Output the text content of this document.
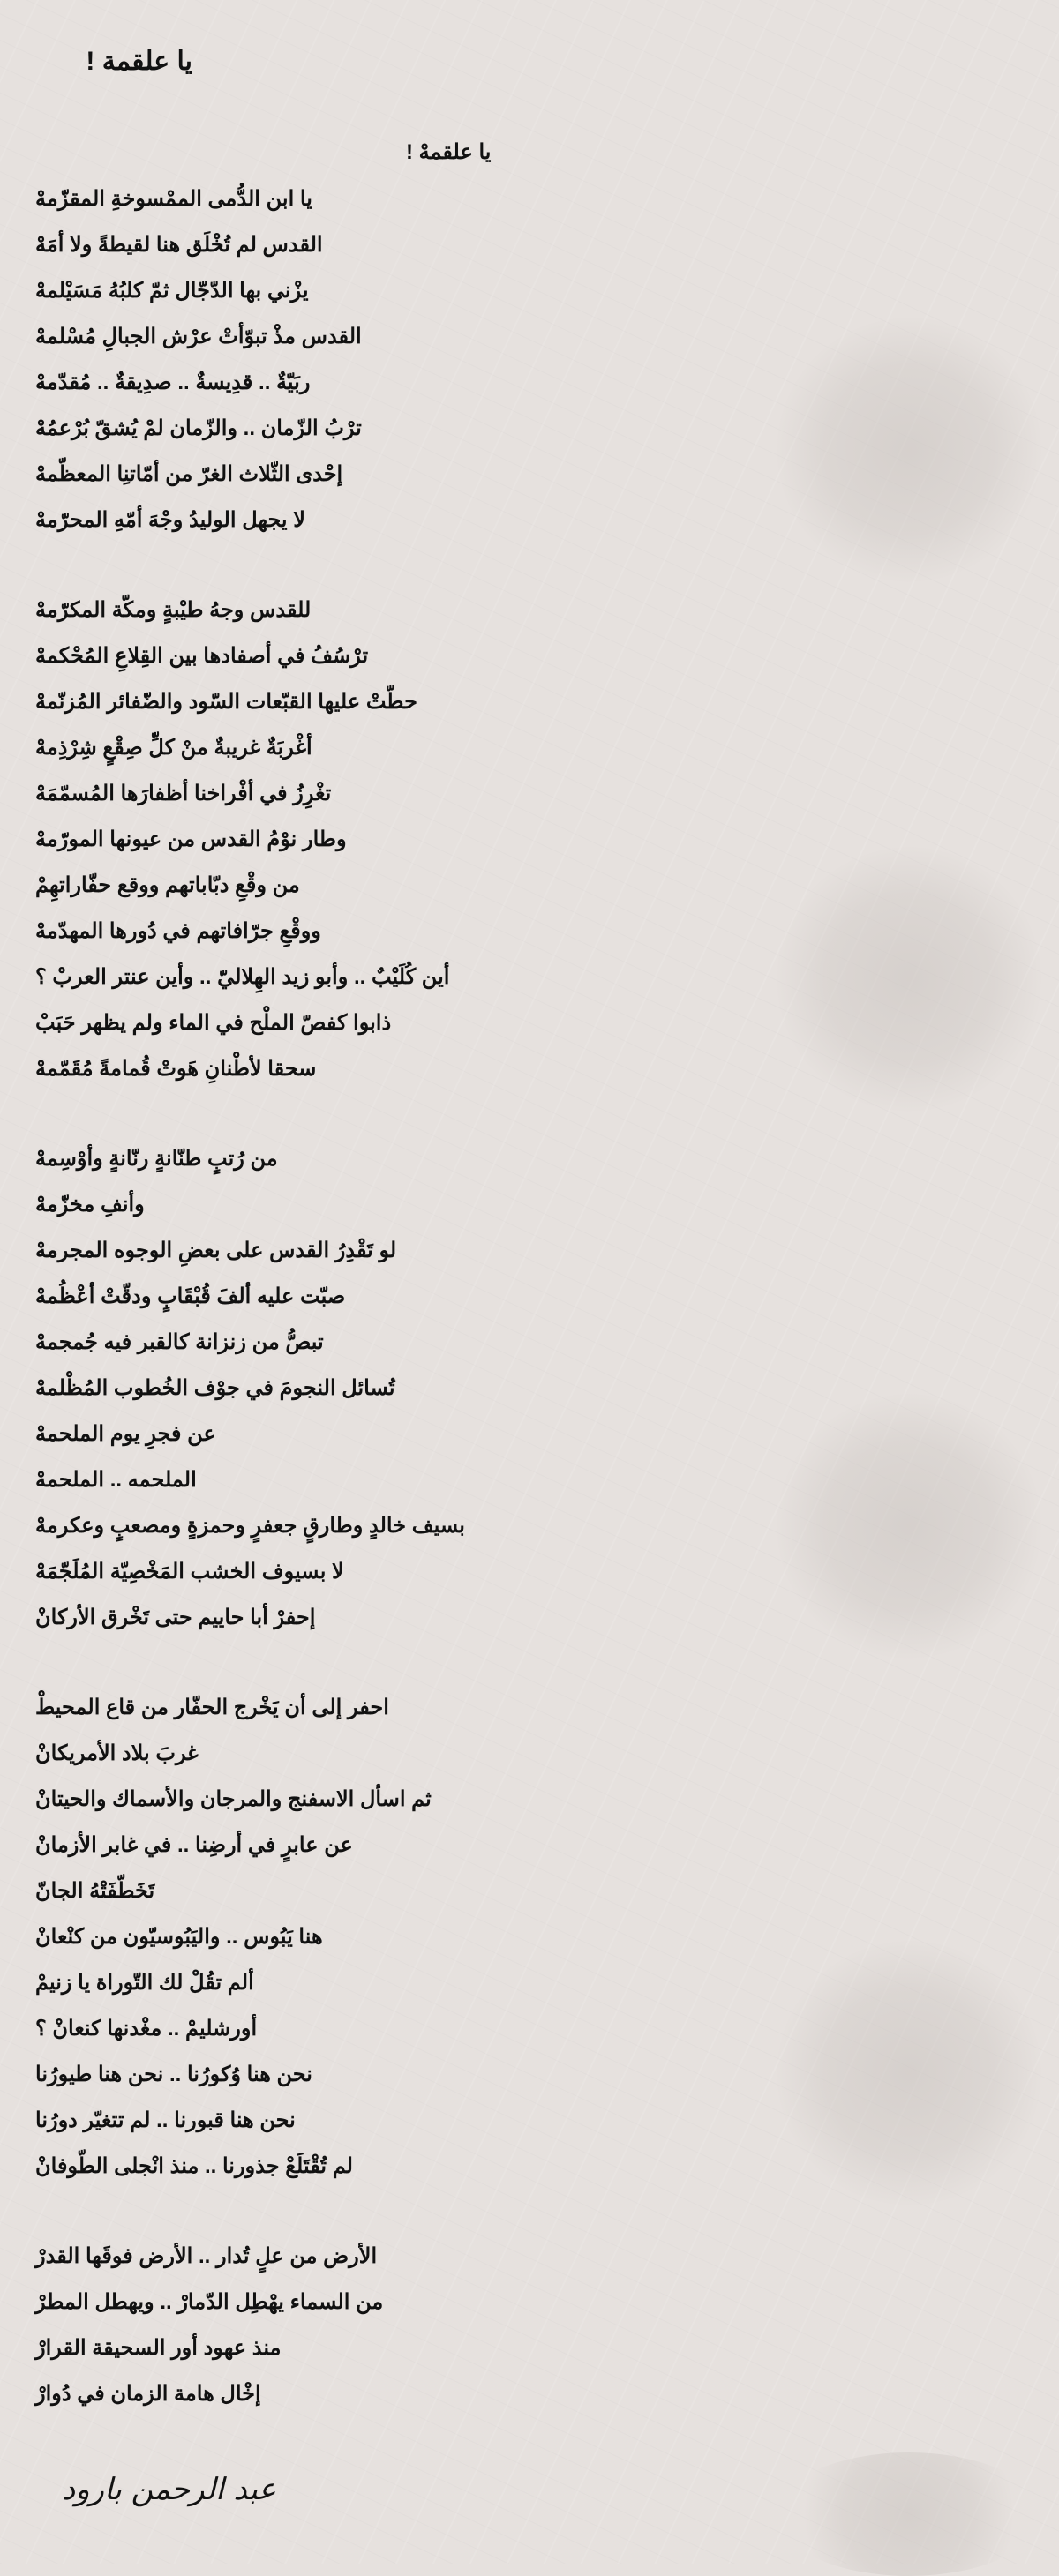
يا علقمة !
يا علقمهْ !
يا ابن الدُّمى الممْسوخةِ المقزّمهْ
القدس لم تُخْلَق هنا لقيطةً ولا أمَهْ
يزْني بها الدّجّال ثمّ كلبُهُ مَسَيْلمهْ
القدس مذْ تبوّأتْ عرْش الجبالِ مُسْلمهْ
ربَيّةٌ .. قدِيسةٌ .. صدِيقةٌ .. مُقدّمهْ
ترْبُ الزّمان .. والزّمان لمْ يُشقّ بُرْعمُهْ
إحْدى الثّلاث الغرّ من أمّاتنِا المعظّمهْ
لا يجهل الوليدُ وجْهَ أمّهِ المحرّمهْ
للقدس وجهُ طيْبةٍ ومكّة المكرّمهْ
ترْسُفُ في أصفادها بين القِلاعِ المُحْكمهْ
حطّتْ عليها القبّعات السّود والضّفائر المُزنّمهْ
أغْربَةٌ غريبةٌ منْ كلِّ صِقْعٍ شِرْذِمهْ
تغْرِزُ في أفْراخنا أظفارَها المُسمّمَهْ
وطار نوْمُ القدس من عيونها المورّمهْ
من وقْعِ دبّاباتهم ووقع حفّاراتهِمْ
ووقْعِ جرّافاتهم في دُورها المهدّمهْ
أين كُلَيْبٌ .. وأبو زيد الهِلاليّ .. وأين عنتر العربْ ؟
ذابوا كفصّ الملْح في الماء ولم يظهر حَبَبْ
سحقا لأطْنانِ هَوتْ قُمامةً مُقَمّمهْ
من رُتبٍ طنّانةٍ رنّانةٍ وأوْسِمهْ
وأنفِ مخزّمهْ
لو تَقْدِرُ القدس على بعضِ الوجوه المجرمهْ
صبّت عليه ألفَ قُبْقَابٍ ودقّتْ أعْظُمهْ
تبصُّ من زنزانة كالقبر فيه جُمجمهْ
تُسائل النجومَ في جوْف الخُطوب المُظْلمهْ
عن فجرِ يوم الملحمهْ
الملحمه .. الملحمهْ
بسيف خالدٍ وطارقٍ جعفرٍ وحمزةٍ ومصعبٍ وعكرمهْ
لا بسيوف الخشب المَخْصِيّة المُلَجّمَهْ
إحفرْ أبا حاييم حتى تَخْرق الأركانْ
احفر إلى أن يَخْرج الحفّار من قاع المحيطْ
غربَ بلاد الأمريكانْ
ثم اسأل الاسفنج والمرجان والأسماك والحيتانْ
عن عابرٍ في أرضِنا .. في غابر الأزمانْ
تَخَطّفَتْهُ الجانّ
هنا يَبُوس .. واليَبُوسيّون من كنْعانْ
ألم تقُلْ لك التّوراة يا زنيمْ
أورشليمْ .. مغْدنها كنعانْ ؟
نحن هنا وُكورُنا .. نحن هنا طيورُنا
نحن هنا قبورنا .. لم تتغيّر دورُنا
لم تُقْتَلَعْ جذورنا .. منذ انْجلى الطّوفانْ
الأرض من علٍ تُدار .. الأرض فوقَها القدرْ
من السماء يهْطِل الدّمارْ .. ويهطل المطرْ
منذ عهود أور السحيقة القرارْ
إخْال هامة الزمان في دُوارْ
عبد الرحمن بارود
